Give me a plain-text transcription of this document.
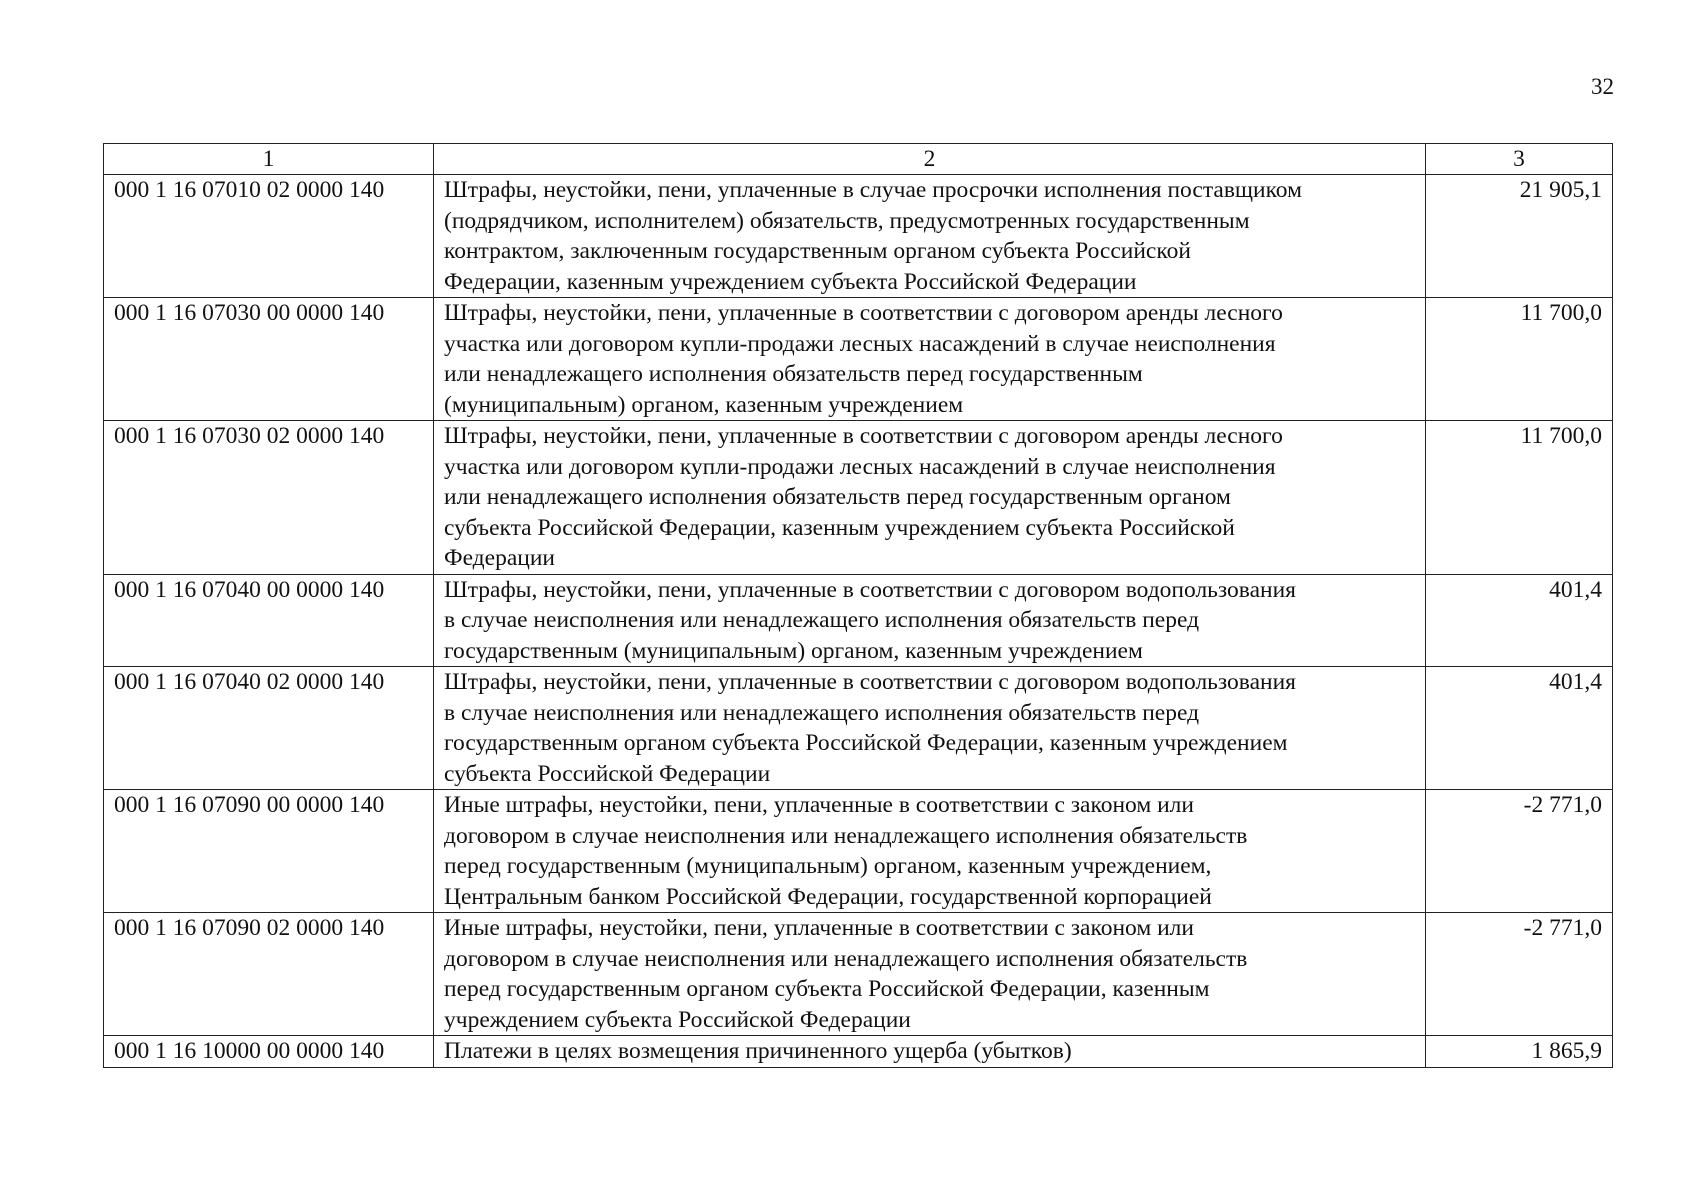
32
1	2	3
000 1 16 07010 02 0000 140	Штрафы, неустойки, пени, уплаченные в случае просрочки исполнения поставщиком
(подрядчиком, исполнителем) обязательств, предусмотренных государственным
контрактом, заключенным государственным органом субъекта Российской
Федерации, казенным учреждением субъекта Российской Федерации	21 905,1
000 1 16 07030 00 0000 140	Штрафы, неустойки, пени, уплаченные в соответствии с договором аренды лесного
участка или договором купли-продажи лесных насаждений в случае неисполнения
или ненадлежащего исполнения обязательств перед государственным
(муниципальным) органом, казенным учреждением	11 700,0
000 1 16 07030 02 0000 140	Штрафы, неустойки, пени, уплаченные в соответствии с договором аренды лесного
участка или договором купли-продажи лесных насаждений в случае неисполнения
или ненадлежащего исполнения обязательств перед государственным органом
субъекта Российской Федерации, казенным учреждением субъекта Российской
Федерации	11 700,0
000 1 16 07040 00 0000 140	Штрафы, неустойки, пени, уплаченные в соответствии с договором водопользования
в случае неисполнения или ненадлежащего исполнения обязательств перед
государственным (муниципальным) органом, казенным учреждением	401,4
000 1 16 07040 02 0000 140	Штрафы, неустойки, пени, уплаченные в соответствии с договором водопользования
в случае неисполнения или ненадлежащего исполнения обязательств перед
государственным органом субъекта Российской Федерации, казенным учреждением
субъекта Российской Федерации	401,4
000 1 16 07090 00 0000 140	Иные штрафы, неустойки, пени, уплаченные в соответствии с законом или
договором в случае неисполнения или ненадлежащего исполнения обязательств
перед государственным (муниципальным) органом, казенным учреждением,
Центральным банком Российской Федерации, государственной корпорацией	-2 771,0
000 1 16 07090 02 0000 140	Иные штрафы, неустойки, пени, уплаченные в соответствии с законом или
договором в случае неисполнения или ненадлежащего исполнения обязательств
перед государственным органом субъекта Российской Федерации, казенным
учреждением субъекта Российской Федерации	-2 771,0
000 1 16 10000 00 0000 140	Платежи в целях возмещения причиненного ущерба (убытков)	1 865,9
